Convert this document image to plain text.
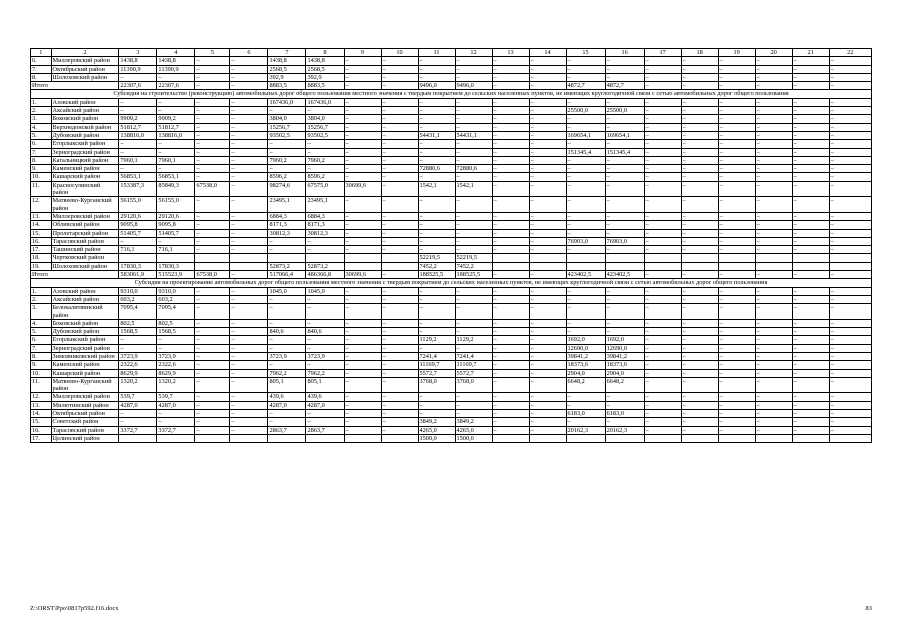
1	2	3	4	5	6	7	8	9	10	11	12	13	14	15	16	17	18	19	20	21	22
6.	Миллеровский район	1438,8	1438,8	–	–	1438,8	1438,8	–	–	–	–	–	–	–	–	–	–	–	–	–	–
7.	Октябрьский район	11390,9	11390,9	–	–	2568,5	2568,5	–	–	–	–	–	–	–	–	–	–	–	–	–	–
8.	Шолоховский район	–	–	–	–	392,9	392,9	–	–	–	–	–	–	–	–	–	–	–	–	–	–
Итого		22307,6	22307,6	–	–	8883,5	8883,5	–	–	9496,0	9496,0	–	–	4872,7	4872,7	–	–	–	–	–	–
Субсидия на строительство (реконструкцию) автомобильных дорог общего пользования местного значения с твердым покрытием до сельских населенных пунктов, не имеющих круглогодичной связи с сетью автомобильных дорог общего пользования																					
1.	Азовский район	–	–	–	–	167436,0	167436,0	–	–	–	–	–	–	–	–	–	–	–	–	–	–
2.	Аксайский район	–	–	–	–	–	–	–	–	–	–	–	–	25500,0	25500,0	–	–	–	–	–	–
3.	Боковский район	9909,2	9909,2	–	–	3804,0	3804,0	–	–	–	–	–	–	–	–	–	–	–	–	–	–
4.	Верхнедонской район	51812,7	51812,7	–	–	15256,7	15256,7	–	–	–	–	–	–	–	–	–	–	–	–	–	–
5.	Дубовский район	138816,0	138816,0	–	–	93502,5	93502,5	–	–	54431,1	54431,1	–	–	169654,1	169654,1	–	–	–	–	–	–
6.	Егорлыкский район	–	–	–	–	–	–	–	–	–	–	–	–	–	–	–	–	–	–	–	–
7.	Зерноградский район	–	–	–	–	–	–	–	–	–	–	–	–	151345,4	151345,4	–	–	–	–	–	–
8.	Кагальницкий район	7960,1	7960,1	–	–	7960,2	7960,2	–	–	–	–	–	–	–	–	–	–	–	–	–	–
9.	Каменский район	–	–	–	–	–	–	–	–	72880,6	72880,6	–	–	–	–	–	–	–	–	–	–
10.	Кашарский район	56853,1	56853,1	–	–	8596,2	8596,2	–	–	–	–	–	–	–	–	–	–	–	–	–	–
11.	Красносулинский район	153387,3	85849,3	67538,0	–	98274,6	67575,0	30699,6	–	1542,1	1542,1	–	–	–	–	–	–	–	–	–	–
12.	Матвеево-Курганский район	56155,0	56155,0	–	–	23495,1	23495,1	–	–	–	–	–	–	–	–	–	–	–	–	–	–
13.	Миллеровский район	29120,6	29120,6	–	–	6884,3	6884,3	–	–	–	–	–	–	–	–	–	–	–	–	–	–
14.	Обливский район	9095,8	9095,8	–	–	8171,3	8171,3	–	–	–	–	–	–	–	–	–	–	–	–	–	–
15.	Пролетарский район	51405,7	51405,7	–	–	30812,3	30812,3	–	–	–	–	–	–	–	–	–	–	–	–	–	–
16.	Тарасовский район	–	–	–	–	–	–	–	–	–	–	–	–	76903,0	76903,0	–	–	–	–	–	–
17.	Ташинский район	716,1	716,1	–	–	–	–	–	–	–	–	–	–	–	–	–	–	–	–	–	–
18.	Чертковский район									52219,5	52219,5										
19.	Шолоховский район	17830,3	17830,3			52873,2	52873,2			7452,2	7452,2										
Итого		583061,9	515523,9	67538,0	–	517066,4	486366,8	30699,6	–	188525,5	188525,5	–	–	423402,5	423402,5	–	–	–	–	–	–
Субсидия на проектирование автомобильных дорог общего пользования местного значения с твердым покрытием до сельских населенных пунктов, не имеющих круглогодичной связи с сетью автомобильных дорог общего пользования																					
1.	Азовский район	9310,0	9310,0	–	–	1045,0	1045,0	–	–	–	–	–	–	–	–	–	–	–	–	–	–
2.	Аксайский район	603,2	603,2	–	–	–	–	–	–	–	–	–	–	–	–	–	–	–	–	–	–
3.	Белокалитвинский район	7095,4	7095,4	–	–	–	–	–	–	–	–	–	–	–	–	–	–	–	–	–	–
4.	Боковский район	802,5	802,5	–	–	–	–	–	–	–	–	–	–	–	–	–	–	–	–	–	–
5.	Дубовский район	1568,5	1568,5	–	–	840,6	840,6	–	–	–	–	–	–	–	–	–	–	–	–	–	–
6.	Егорлыкский район	–	–	–	–	–	–	–	–	1129,2	1129,2	–	–	1692,0	1692,0	–	–	–	–	–	–
7.	Зерноградский район	–	–	–	–	–	–	–	–	–	–	–	–	12690,0	12690,0	–	–	–	–	–	–
8.	Зимовниковский район	3723,9	3723,9	–	–	3723,9	3723,9	–	–	7241,4	7241,4	–	–	39841,2	39841,2	–	–	–	–	–	–
9.	Каменский район	2322,6	2322,6	–	–	–	–	–	–	11169,7	11169,7	–	–	18373,6	18373,6	–	–	–	–	–	–
10.	Кашарский район	8629,9	8629,9	–	–	7962,2	7962,2	–	–	5572,7	5572,7	–	–	2904,0	2904,0	–	–	–	–	–	–
11.	Матвеево-Курганский район	1320,2	1320,2	–	–	805,1	805,1	–	–	3768,0	3768,0	–	–	6648,2	6648,2	–	–	–	–	–	–
12.	Миллеровский район	539,7	539,7	–	–	439,6	439,6	–	–	–	–	–	–	–	–	–	–	–	–	–	–
13.	Милютинский район	4287,0	4287,0	–	–	4287,0	4287,0	–	–	–	–	–	–	–	–	–	–	–	–	–	–
14.	Октябрьский район	–	–	–	–	–	–	–	–	–	–	–	–	6183,0	6183,0	–	–	–	–	–	–
15.	Советский район	–	–	–	–	–	–	–	–	3849,2	3849,2	–	–	–	–	–	–	–	–	–	–
16.	Тарасовский район	3372,7	3372,7	–	–	2863,7	2863,7	–	–	4265,0	4265,0	–	–	20162,3	20162,3	–	–	–	–	–	–
17.	Целинский район									1500,0	1500,0										
Z:\ORST\Ppo\0817p592.f16.docx	83
